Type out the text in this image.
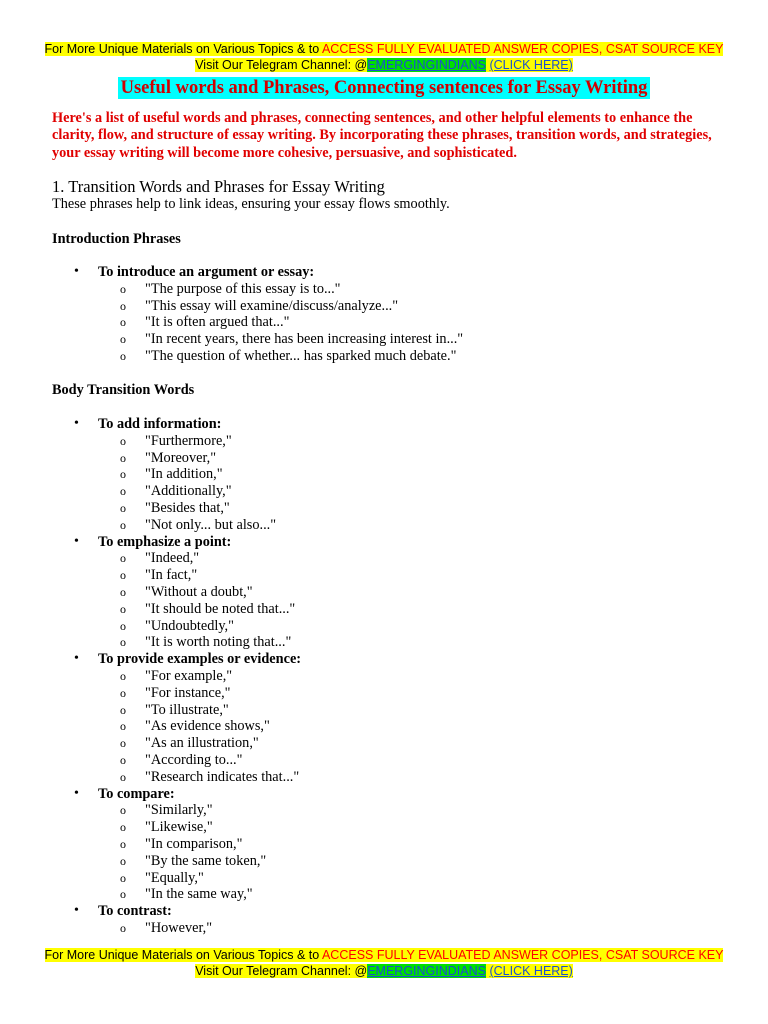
For More Unique Materials on Various Topics & to ACCESS FULLY EVALUATED ANSWER COPIES, CSAT SOURCE KEY
Visit Our Telegram Channel: @EMERGINGINDIANS (CLICK HERE)
Useful words and Phrases, Connecting sentences for Essay Writing
Here's a list of useful words and phrases, connecting sentences, and other helpful elements to enhance the clarity, flow, and structure of essay writing. By incorporating these phrases, transition words, and strategies, your essay writing will become more cohesive, persuasive, and sophisticated.
1. Transition Words and Phrases for Essay Writing
These phrases help to link ideas, ensuring your essay flows smoothly.
Introduction Phrases
• To introduce an argument or essay:
o "The purpose of this essay is to..."
o "This essay will examine/discuss/analyze..."
o "It is often argued that..."
o "In recent years, there has been increasing interest in..."
o "The question of whether... has sparked much debate."
Body Transition Words
• To add information:
o "Furthermore,"
o "Moreover,"
o "In addition,"
o "Additionally,"
o "Besides that,"
o "Not only... but also..."
• To emphasize a point:
o "Indeed,"
o "In fact,"
o "Without a doubt,"
o "It should be noted that..."
o "Undoubtedly,"
o "It is worth noting that..."
• To provide examples or evidence:
o "For example,"
o "For instance,"
o "To illustrate,"
o "As evidence shows,"
o "As an illustration,"
o "According to..."
o "Research indicates that..."
• To compare:
o "Similarly,"
o "Likewise,"
o "In comparison,"
o "By the same token,"
o "Equally,"
o "In the same way,"
• To contrast:
o "However,"
For More Unique Materials on Various Topics & to ACCESS FULLY EVALUATED ANSWER COPIES, CSAT SOURCE KEY
Visit Our Telegram Channel: @EMERGINGINDIANS (CLICK HERE)
